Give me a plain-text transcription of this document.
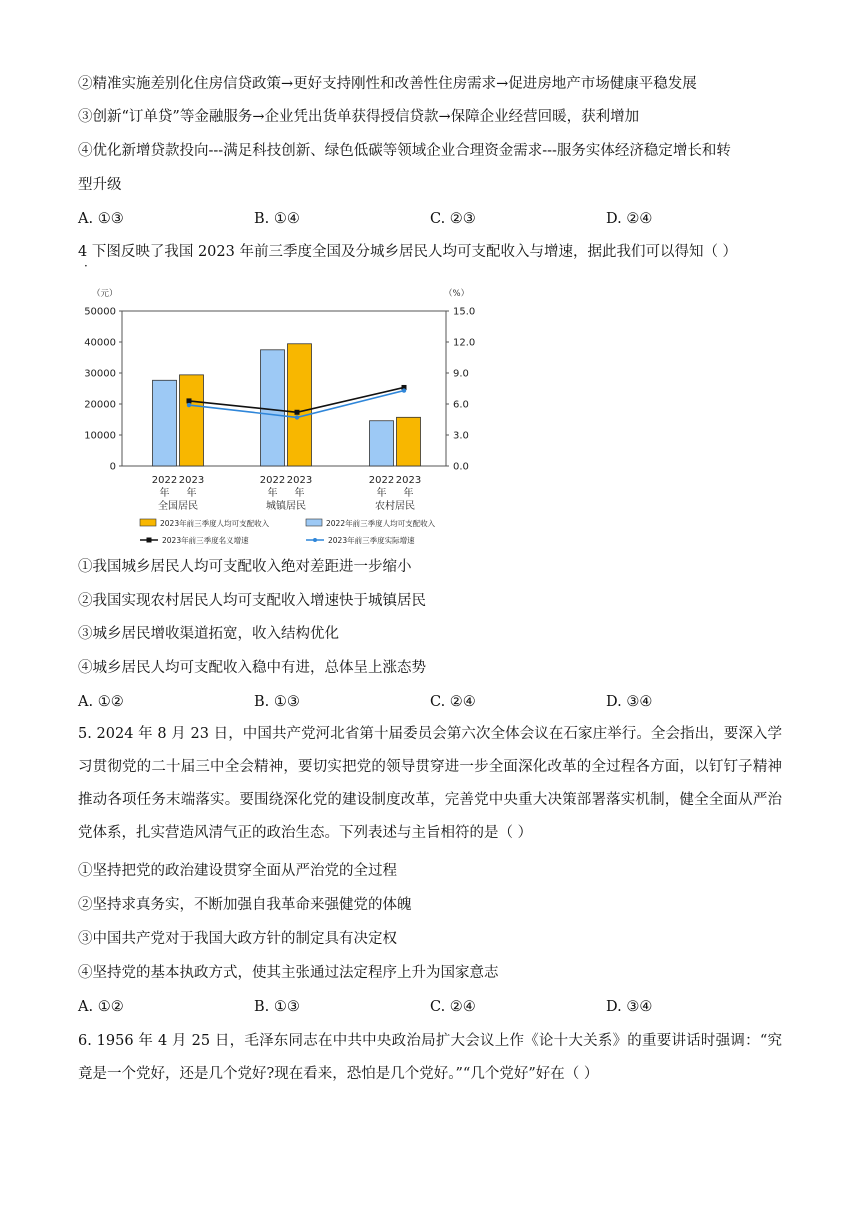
②精准实施差别化住房信贷政策→更好支持刚性和改善性住房需求→促进房地产市场健康平稳发展
③创新“订单贷”等金融服务→企业凭出货单获得授信贷款→保障企业经营回暖，获利增加
④优化新增贷款投向---满足科技创新、绿色低碳等领域企业合理资金需求---服务实体经济稳定增长和转
型升级
A. ①③	B. ①④	C. ②③	D. ②④
4 下图反映了我国 2023 年前三季度全国及分城乡居民人均可支配收入与增速，据此我们可以得知（ ）
·
（元）	（%）
50000
40000
30000
20000
10000
0
15.0
12.0
9.0
6.0
3.0
0.0
2022 2023
年 年
全国居民
2022 2023
年 年
城镇居民
2022 2023
年 年
农村居民
2023年前三季度人均可支配收入	2022年前三季度人均可支配收入
2023年前三季度名义增速	2023年前三季度实际增速
①我国城乡居民人均可支配收入绝对差距进一步缩小
②我国实现农村居民人均可支配收入增速快于城镇居民
③城乡居民增收渠道拓宽，收入结构优化
④城乡居民人均可支配收入稳中有进，总体呈上涨态势
A. ①②	B. ①③	C. ②④	D. ③④
5. 2024 年 8 月 23 日，中国共产党河北省第十届委员会第六次全体会议在石家庄举行。全会指出，要深入学习贯彻党的二十届三中全会精神，要切实把党的领导贯穿进一步全面深化改革的全过程各方面，以钉钉子精神推动各项任务末端落实。要围绕深化党的建设制度改革，完善党中央重大决策部署落实机制，健全全面从严治党体系，扎实营造风清气正的政治生态。下列表述与主旨相符的是（ ）
①坚持把党的政治建设贯穿全面从严治党的全过程
②坚持求真务实，不断加强自我革命来强健党的体魄
③中国共产党对于我国大政方针的制定具有决定权
④坚持党的基本执政方式，使其主张通过法定程序上升为国家意志
A. ①②	B. ①③	C. ②④	D. ③④
6. 1956 年 4 月 25 日，毛泽东同志在中共中央政治局扩大会议上作《论十大关系》的重要讲话时强调：“究竟是一个党好，还是几个党好?现在看来，恐怕是几个党好。”“几个党好”好在（ ）
